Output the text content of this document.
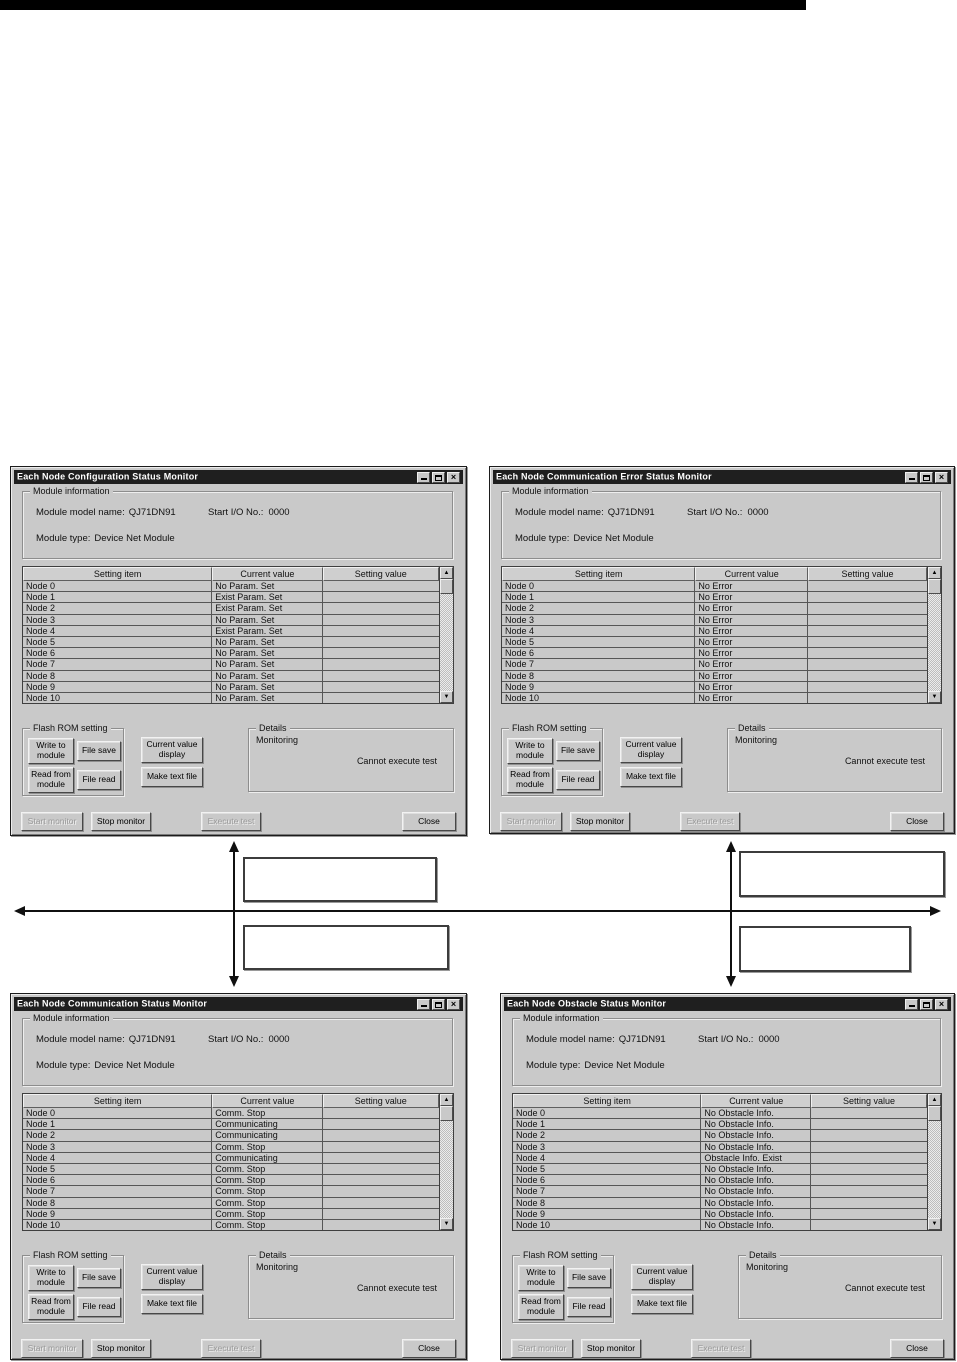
Each Node Configuration Status Monitor	×
Module information
Module model name: QJ71DN91	Start I/O No.: 0000
Module type: Device Net Module
Setting item	Current value	Setting value
Node 0	No Param. Set
Node 1	Exist Param. Set
Node 2	Exist Param. Set
Node 3	No Param. Set
Node 4	Exist Param. Set
Node 5	No Param. Set
Node 6	No Param. Set
Node 7	No Param. Set
Node 8	No Param. Set
Node 9	No Param. Set
Node 10	No Param. Set
▲
▼
Flash ROM setting
Write to module	File save
Read from module	File read
Current value display
Make text file
Details
Monitoring
Cannot execute test
Start monitor	Stop monitor	Execute test	Close
Each Node Communication Error Status Monitor	×
Module information
Module model name: QJ71DN91	Start I/O No.: 0000
Module type: Device Net Module
Setting item	Current value	Setting value
Node 0	No Error
Node 1	No Error
Node 2	No Error
Node 3	No Error
Node 4	No Error
Node 5	No Error
Node 6	No Error
Node 7	No Error
Node 8	No Error
Node 9	No Error
Node 10	No Error
▲
▼
Flash ROM setting
Write to module	File save
Read from module	File read
Current value display
Make text file
Details
Monitoring
Cannot execute test
Start monitor	Stop monitor	Execute test	Close
Each Node Communication Status Monitor	×
Module information
Module model name: QJ71DN91	Start I/O No.: 0000
Module type: Device Net Module
Setting item	Current value	Setting value
Node 0	Comm. Stop
Node 1	Communicating
Node 2	Communicating
Node 3	Comm. Stop
Node 4	Communicating
Node 5	Comm. Stop
Node 6	Comm. Stop
Node 7	Comm. Stop
Node 8	Comm. Stop
Node 9	Comm. Stop
Node 10	Comm. Stop
▲
▼
Flash ROM setting
Write to module	File save
Read from module	File read
Current value display
Make text file
Details
Monitoring
Cannot execute test
Start monitor	Stop monitor	Execute test	Close
Each Node Obstacle Status Monitor	×
Module information
Module model name: QJ71DN91	Start I/O No.: 0000
Module type: Device Net Module
Setting item	Current value	Setting value
Node 0	No Obstacle Info.
Node 1	No Obstacle Info.
Node 2	No Obstacle Info.
Node 3	No Obstacle Info.
Node 4	Obstacle Info. Exist
Node 5	No Obstacle Info.
Node 6	No Obstacle Info.
Node 7	No Obstacle Info.
Node 8	No Obstacle Info.
Node 9	No Obstacle Info.
Node 10	No Obstacle Info.
▲
▼
Flash ROM setting
Write to module	File save
Read from module	File read
Current value display
Make text file
Details
Monitoring
Cannot execute test
Start monitor	Stop monitor	Execute test	Close
